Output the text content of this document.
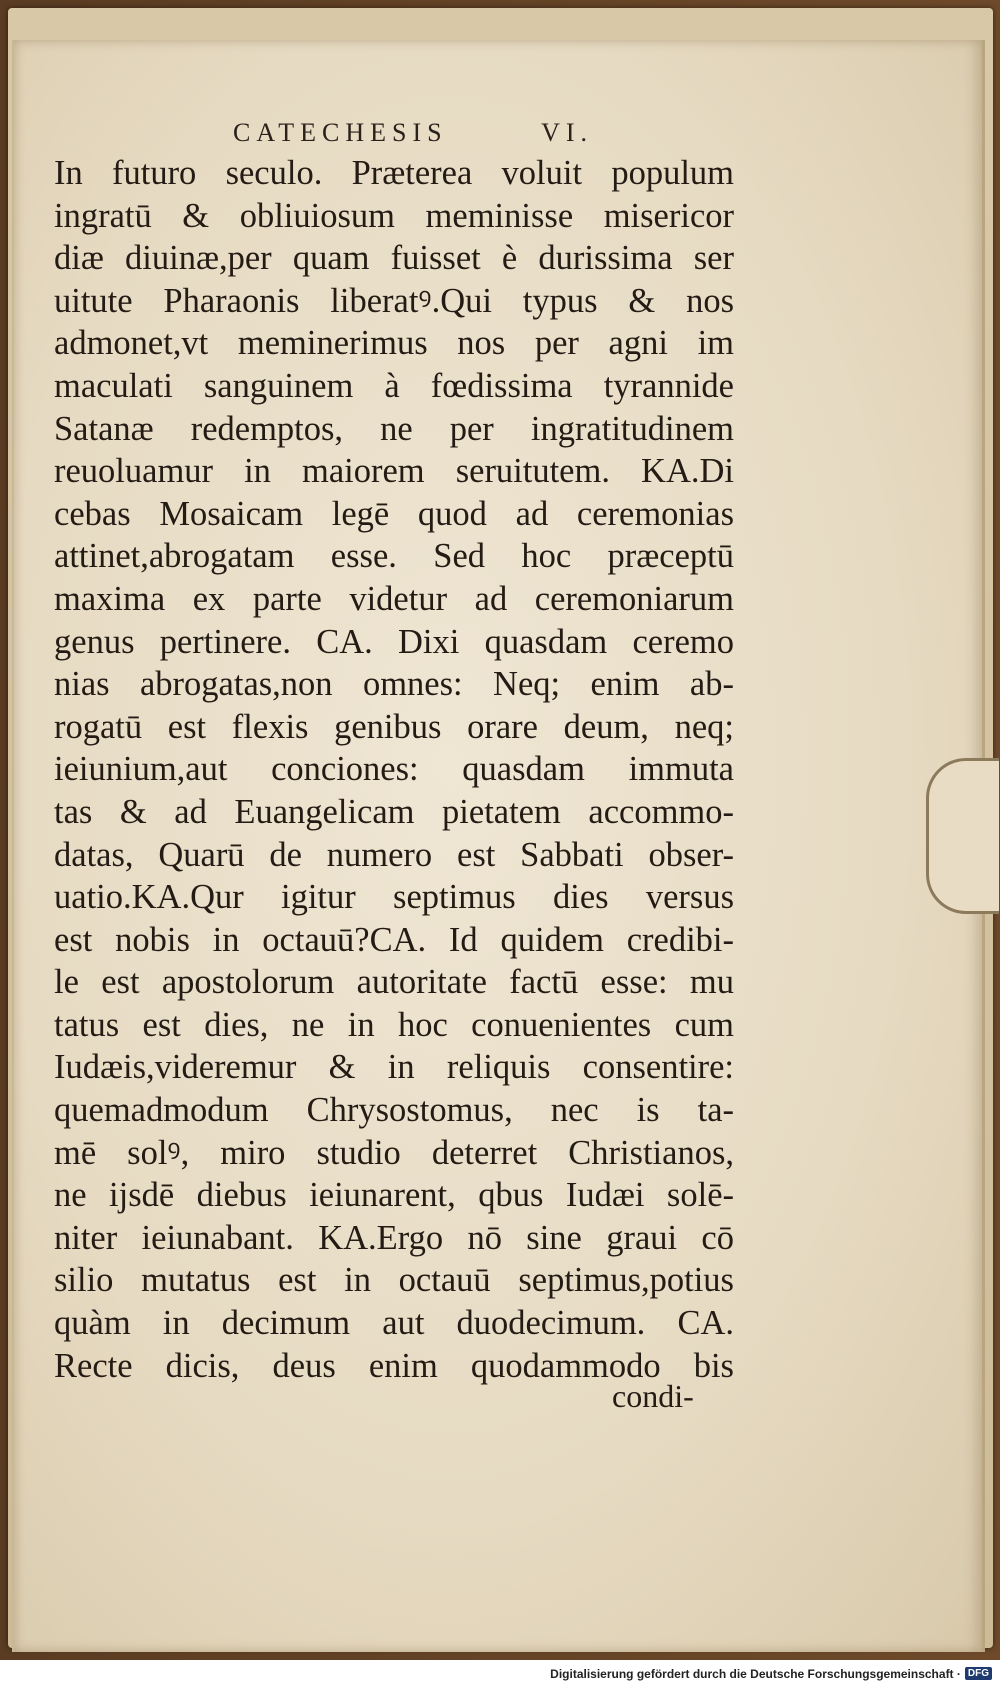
CATECHESIS	VI.
In futuro seculo. Præterea voluit populum
ingratū & obliuiosum meminisse misericor
diæ diuinæ,per quam fuisset è durissima ser
uitute Pharaonis liberatꝰ.Qui typus & nos
admonet,vt meminerimus nos per agni im
maculati sanguinem à fœdissima tyrannide
Satanæ redemptos, ne per ingratitudinem
reuoluamur in maiorem seruitutem. KA.Di
cebas Mosaicam legē quod ad ceremonias
attinet,abrogatam esse. Sed hoc præceptū
maxima ex parte videtur ad ceremoniarum
genus pertinere. CA. Dixi quasdam ceremo
nias abrogatas,non omnes: Neq; enim ab-
rogatū est flexis genibus orare deum, neq;
ieiunium,aut conciones: quasdam immuta
tas & ad Euangelicam pietatem accommo-
datas, Quarū de numero est Sabbati obser-
uatio.KA.Qur igitur septimus dies versus
est nobis in octauū?CA. Id quidem credibi-
le est apostolorum autoritate factū esse: mu
tatus est dies, ne in hoc conuenientes cum
Iudæis,videremur & in reliquis consentire:
quemadmodum Chrysostomus, nec is ta-
mē solꝰ, miro studio deterret Christianos,
ne ijsdē diebus ieiunarent, qbus Iudæi solē-
niter ieiunabant. KA.Ergo nō sine graui cō
silio mutatus est in octauū septimus,potius
quàm in decimum aut duodecimum. CA.
Recte dicis, deus enim quodammodo bis
condi-
Digitalisierung gefördert durch die Deutsche Forschungsgemeinschaft · DFG
